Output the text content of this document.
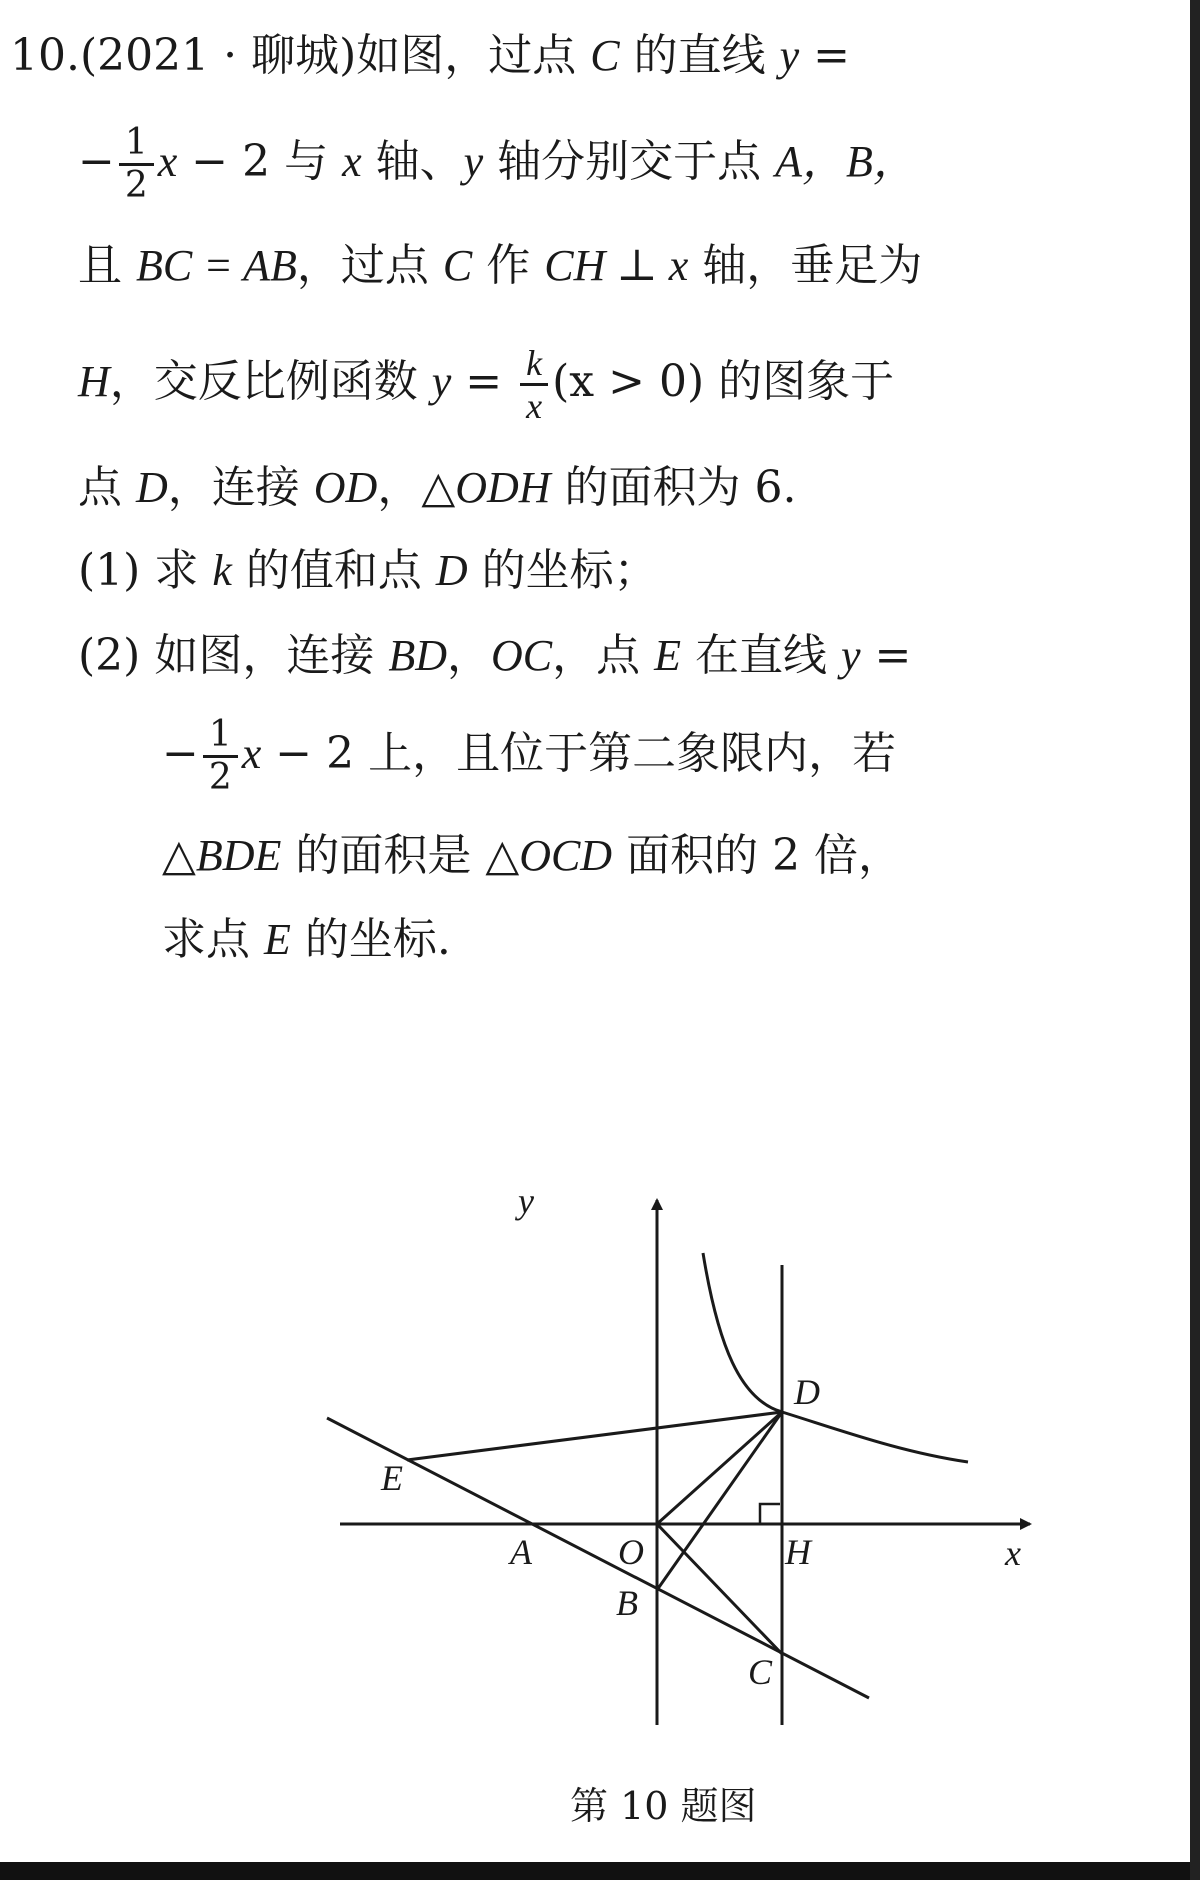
10.(2021 · 聊城)如图，过点 C 的直线 y =
− $\frac{1}{2}$ x − 2 与 x 轴、y 轴分别交于点 A，B，
且 BC = AB，过点 C 作 CH ⊥ x 轴，垂足为
H，交反比例函数 $y = \frac{k}{x} (x > 0)$ 的图象于
点 D，连接 OD，△ODH 的面积为 6.
(1) 求 k 的值和点 D 的坐标；
(2) 如图，连接 BD，OC，点 E 在直线 y =
− $\frac{1}{2}$ x − 2 上，且位于第二象限内，若
△BDE 的面积是 △OCD 面积的 2 倍，
求点 E 的坐标.
y
x
O
A
B
C
D
E
H
第 10 题图
